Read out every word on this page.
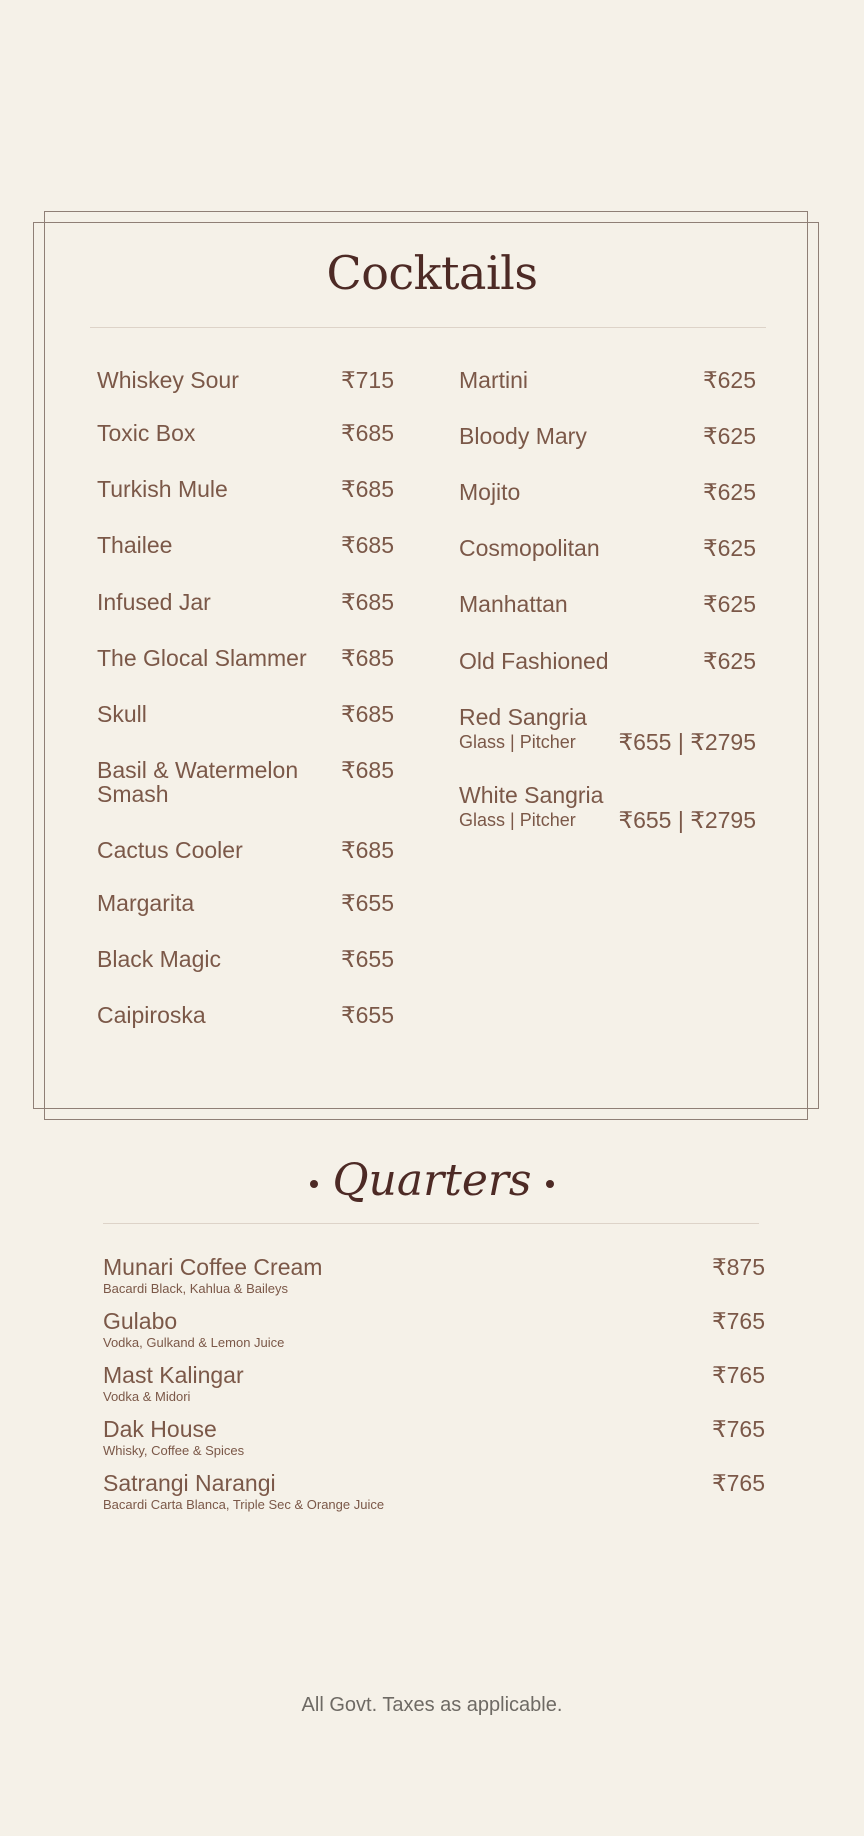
Cocktails
Whiskey Sour	₹715
Toxic Box	₹685
Turkish Mule	₹685
Thailee	₹685
Infused Jar	₹685
The Glocal Slammer	₹685
Skull	₹685
Basil & Watermelon Smash
₹685
Cactus Cooler	₹685
Margarita	₹655
Black Magic	₹655
Caipiroska	₹655
Martini	₹625
Bloody Mary	₹625
Mojito	₹625
Cosmopolitan	₹625
Manhattan	₹625
Old Fashioned	₹625
Red Sangria
Glass | Pitcher ₹655 | ₹2795
White Sangria
Glass | Pitcher ₹655 | ₹2795
Quarters
Munari Coffee Cream
Bacardi Black, Kahlua & Baileys
₹875
Gulabo
Vodka, Gulkand & Lemon Juice
₹765
Mast Kalingar
Vodka & Midori
₹765
Dak House
Whisky, Coffee & Spices
₹765
Satrangi Narangi
Bacardi Carta Blanca, Triple Sec & Orange Juice
₹765
All Govt. Taxes as applicable.
